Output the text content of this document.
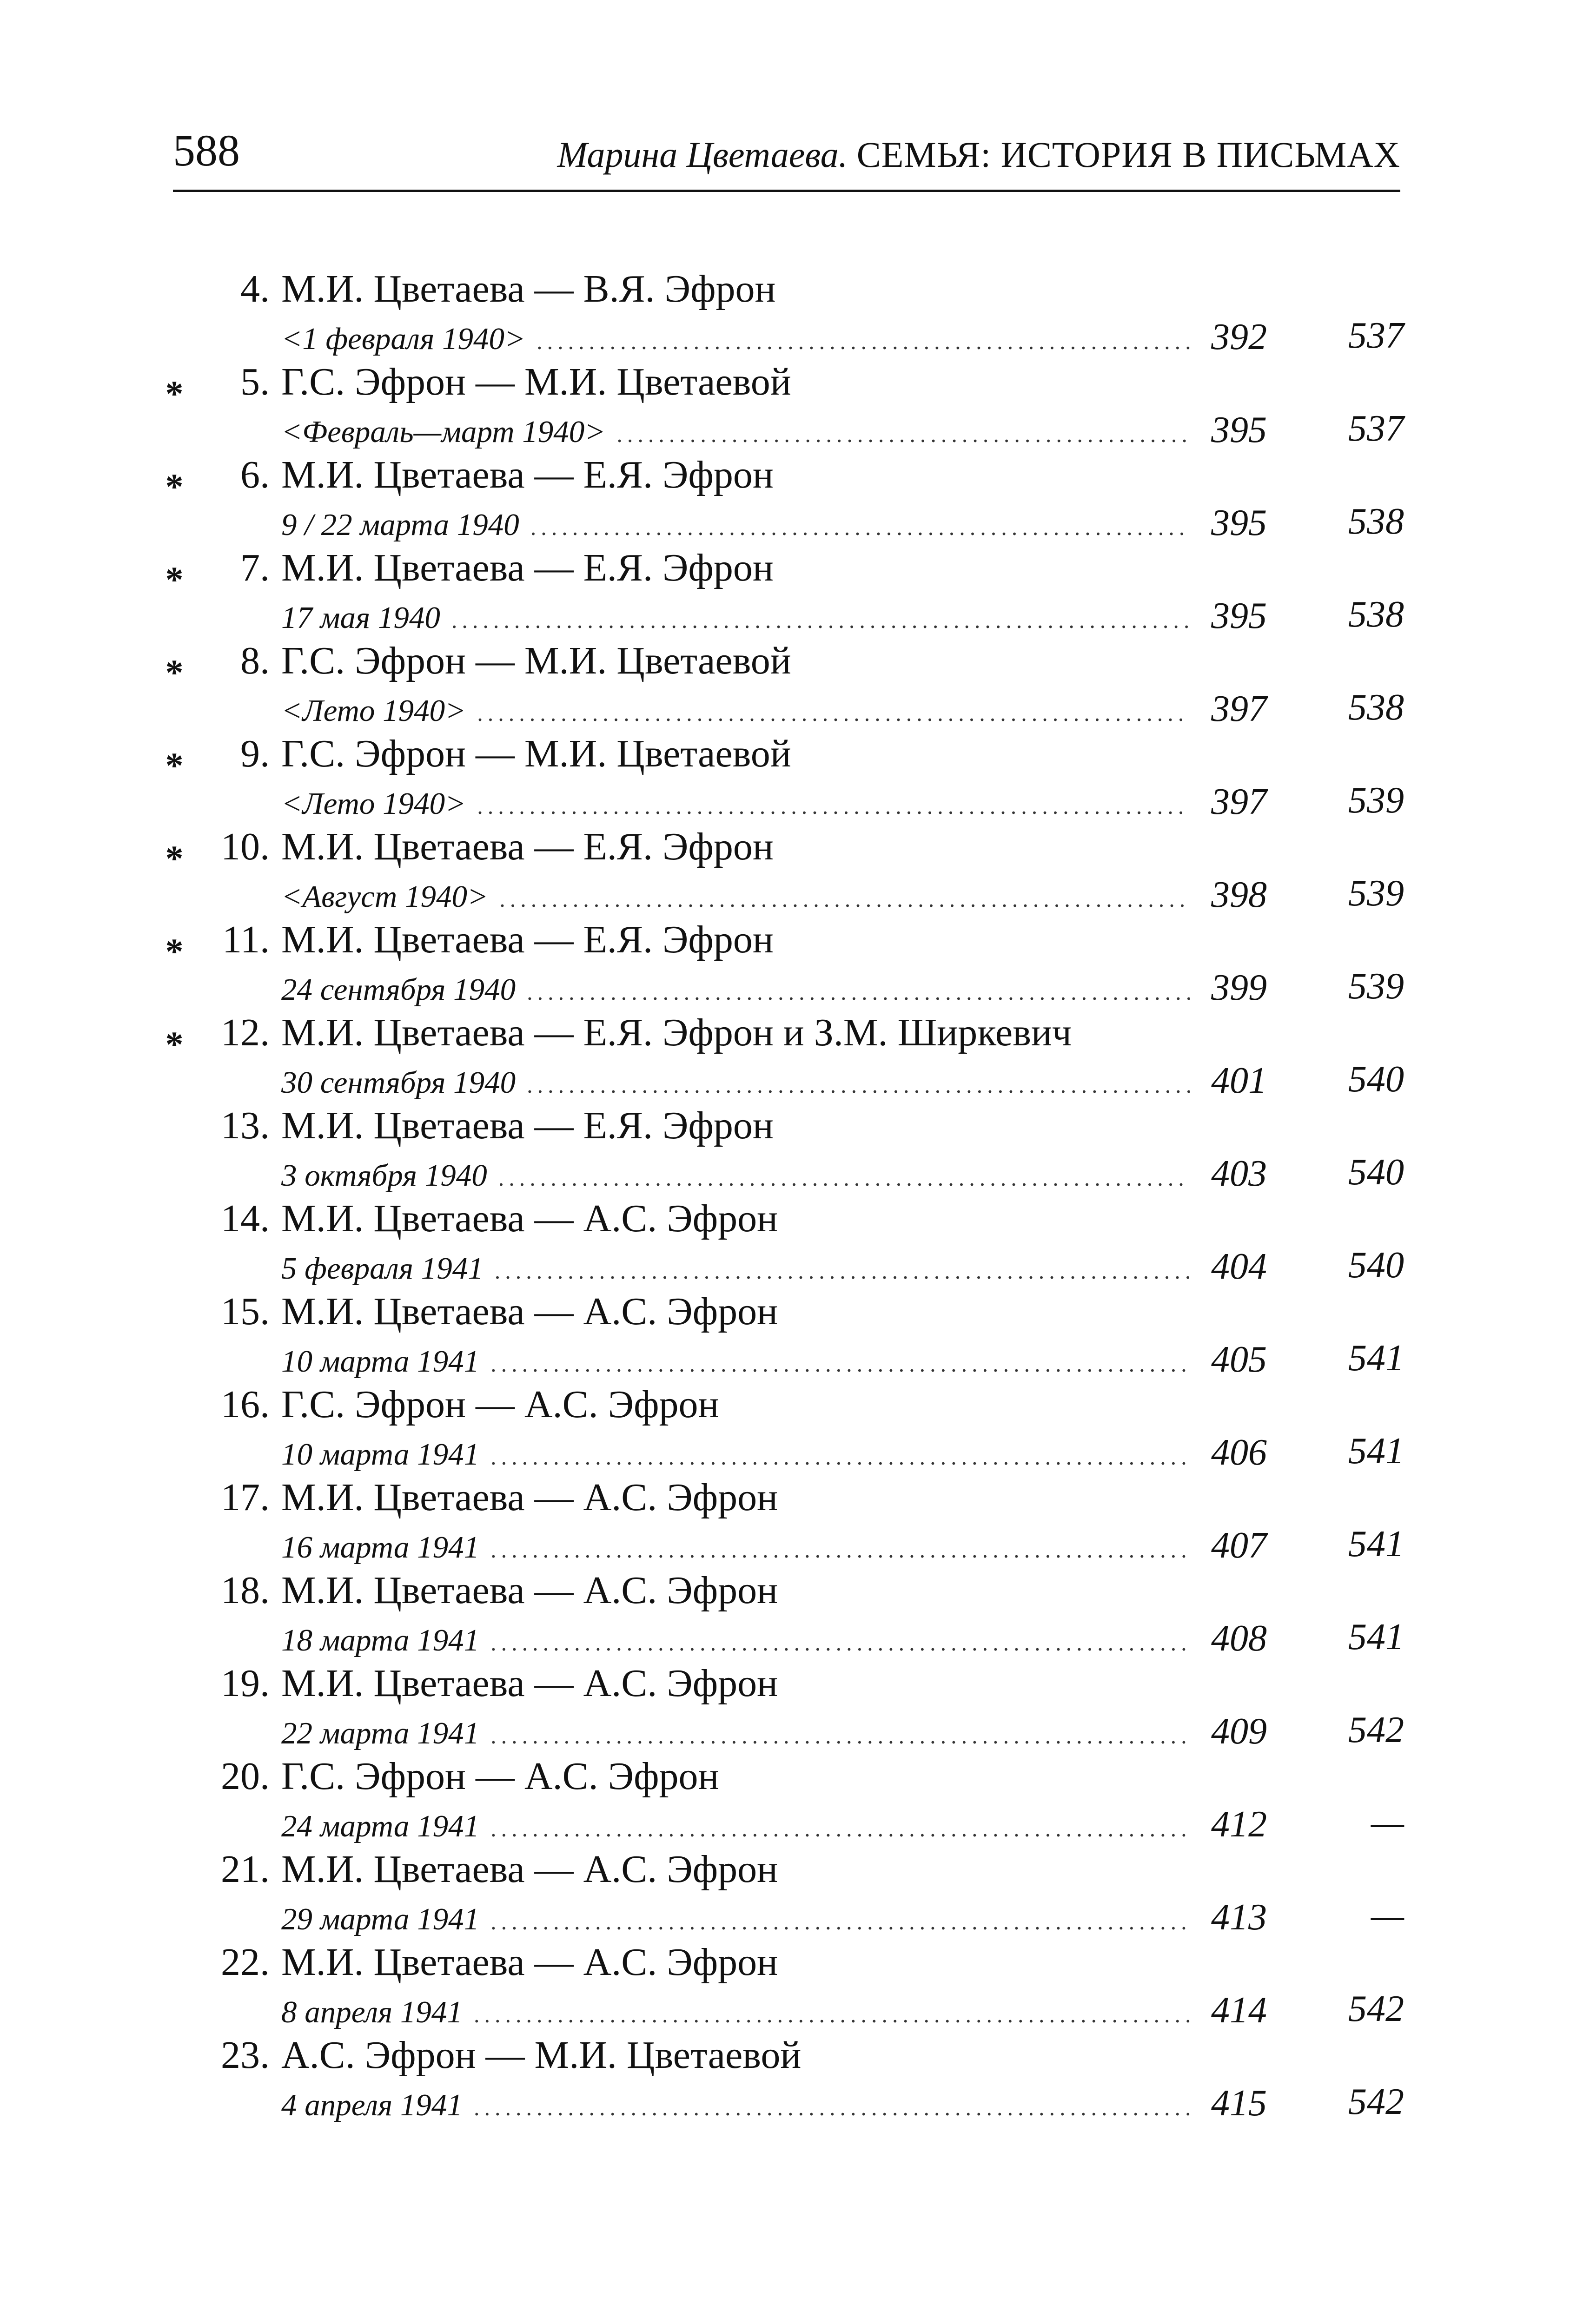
588	Марина Цветаева. СЕМЬЯ: ИСТОРИЯ В ПИСЬМАХ
4. М.И. Цветаева — В.Я. Эфрон
<1 февраля 1940> .....	392	537
*	5. Г.С. Эфрон — М.И. Цветаевой
<Февраль—март 1940> .....	395	537
*	6. М.И. Цветаева — Е.Я. Эфрон
9 / 22 марта 1940 .....	395	538
*	7. М.И. Цветаева — Е.Я. Эфрон
17 мая 1940 .....	395	538
*	8. Г.С. Эфрон — М.И. Цветаевой
<Лето 1940> .....	397	538
*	9. Г.С. Эфрон — М.И. Цветаевой
<Лето 1940> .....	397	539
* 10. М.И. Цветаева — Е.Я. Эфрон
<Август 1940> .....	398	539
* 11. М.И. Цветаева — Е.Я. Эфрон
24 сентября 1940 .....	399	539
* 12. М.И. Цветаева — Е.Я. Эфрон и З.М. Ширкевич
30 сентября 1940 .....	401	540
13. М.И. Цветаева — Е.Я. Эфрон
3 октября 1940 .....	403	540
14. М.И. Цветаева — А.С. Эфрон
5 февраля 1941 .....	404	540
15. М.И. Цветаева — А.С. Эфрон
10 марта 1941 .....	405	541
16. Г.С. Эфрон — А.С. Эфрон
10 марта 1941 .....	406	541
17. М.И. Цветаева — А.С. Эфрон
16 марта 1941 .....	407	541
18. М.И. Цветаева — А.С. Эфрон
18 марта 1941 .....	408	541
19. М.И. Цветаева — А.С. Эфрон
22 марта 1941 .....	409	542
20. Г.С. Эфрон — А.С. Эфрон
24 марта 1941 .....	412	—
21. М.И. Цветаева — А.С. Эфрон
29 марта 1941 .....	413	—
22. М.И. Цветаева — А.С. Эфрон
8 апреля 1941 .....	414	542
23. А.С. Эфрон — М.И. Цветаевой
4 апреля 1941 .....	415	542
